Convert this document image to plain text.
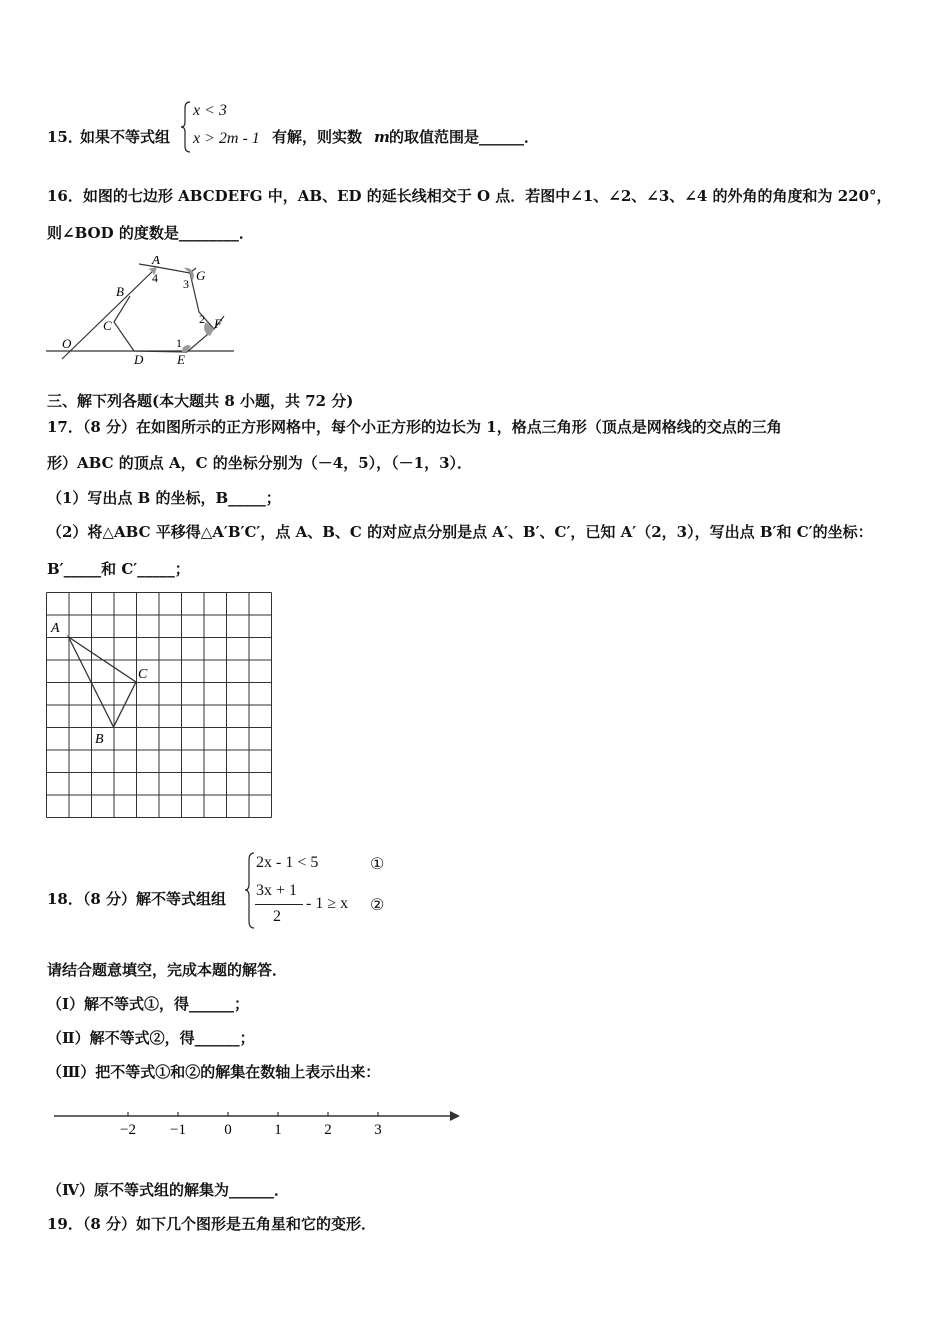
15．
如果不等式组
x < 3
x > 2m - 1 有解，则实数 m 的取值范围是______．
16．如图的七边形 ABCDEFG 中，AB、ED 的延长线相交于 O 点．若图中∠1、∠2、∠3、∠4 的外角的角度和为 220°，
则∠BOD 的度数是________．
A
4	G
3
B
C	2 F
1
O
D	E
三、解下列各题(本大题共 8 小题，共 72 分)
17．（8 分）在如图所示的正方形网格中，每个小正方形的边长为 1，格点三角形（顶点是网格线的交点的三角
形）ABC 的顶点 A，C 的坐标分别为（－4，5），（－1，3）．
（1）写出点 B 的坐标，B_____；
（2）将△ABC 平移得△A′B′C′，点 A、B、C 的对应点分别是点 A′、B′、C′，已知 A′（2，3），写出点 B′和 C′的坐标：
B′_____和 C′_____；
A
C
B
18．（8 分）解不等式组组
2x - 1 < 5
3x + 1
2
- 1 ≥ x
①
②
请结合题意填空，完成本题的解答．
（Ⅰ）解不等式①，得______；
（Ⅱ）解不等式②，得______；
（Ⅲ）把不等式①和②的解集在数轴上表示出来：
−2 −1	0	1	2	3
（Ⅳ）原不等式组的解集为______．
19．（8 分）如下几个图形是五角星和它的变形．
